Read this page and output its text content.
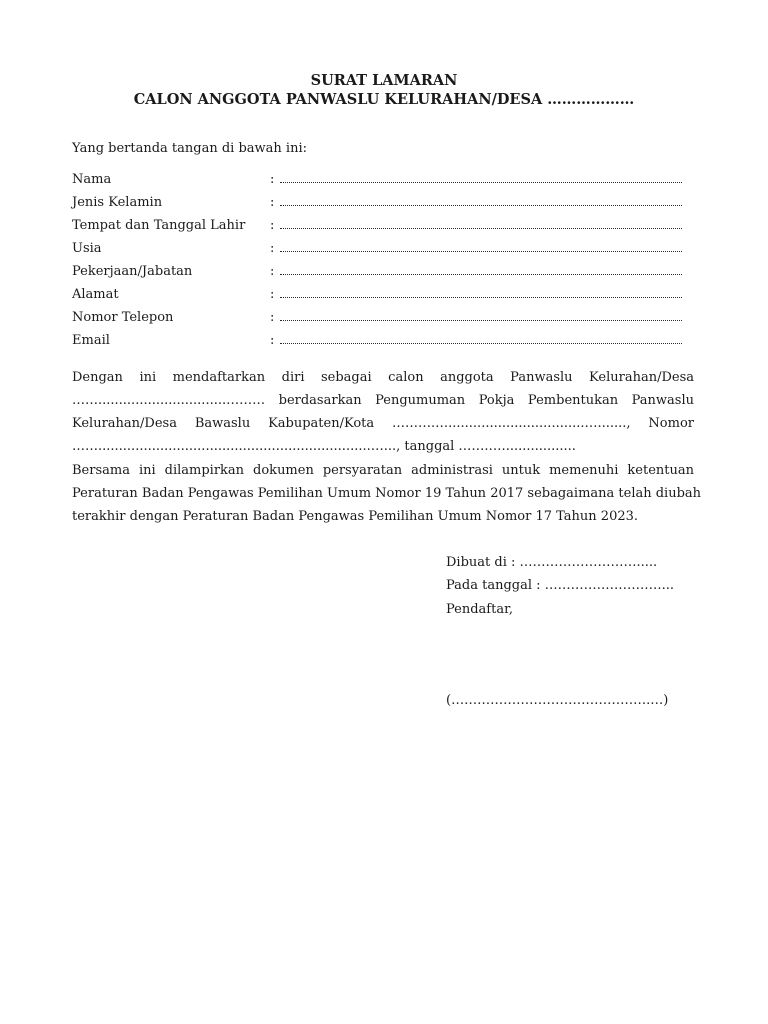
SURAT LAMARAN
CALON ANGGOTA PANWASLU KELURAHAN/DESA ………………
Yang bertanda tangan di bawah ini:
Nama	:
Jenis Kelamin	:
Tempat dan Tanggal Lahir :
Usia	:
Pekerjaan/Jabatan	:
Alamat	:
Nomor Telepon	:
Email	:
Dengan ini mendaftarkan diri sebagai calon anggota Panwaslu Kelurahan/Desa
……...............................……… berdasarkan Pengumuman Pokja Pembentukan Panwaslu
Kelurahan/Desa Bawaslu Kabupaten/Kota ……….….................................…......., Nomor
……..................................................................…..., tanggal …….…..................
Bersama ini dilampirkan dokumen persyaratan administrasi untuk memenuhi ketentuan
Peraturan Badan Pengawas Pemilihan Umum Nomor 19 Tahun 2017 sebagaimana telah diubah
terakhir dengan Peraturan Badan Pengawas Pemilihan Umum Nomor 17 Tahun 2023.
Dibuat di : ……………………….....
Pada tanggal : ………………………...
Pendaftar,
(……………………………………….…)
